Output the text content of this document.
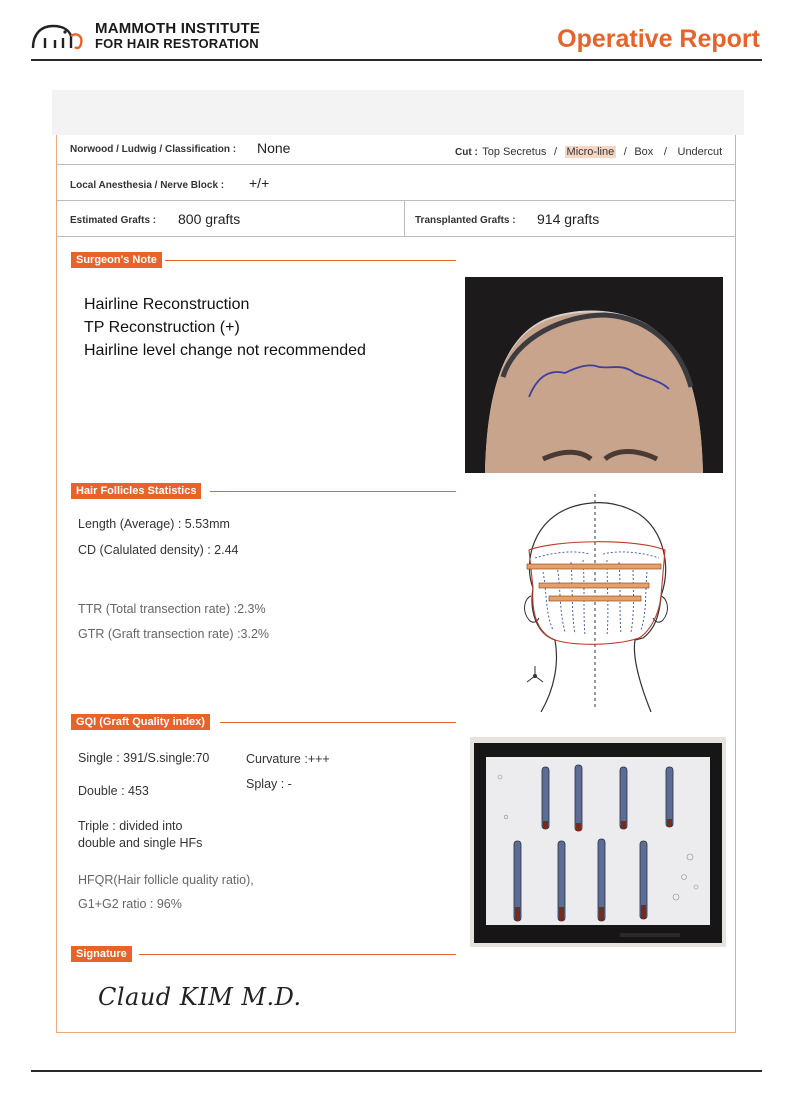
MAMMOTH INSTITUTE
FOR HAIR RESTORATION	Operative Report
Norwood / Ludwig / Classification : None	Cut : Top Secretus / Micro-line / Box / Undercut
Local Anesthesia / Nerve Block : +/+
Estimated Grafts : 800 grafts	Transplanted Grafts : 914 grafts
Surgeon's Note
Hairline Reconstruction
TP Reconstruction (+)
Hairline level change not recommended
Hair Follicles Statistics
Length (Average) : 5.53mm
CD (Calulated density) : 2.44
TTR (Total transection rate) :2.3%
GTR (Graft transection rate) :3.2%
GQI (Graft Quality index)
Single : 391/S.single:70	Curvature :+++
Splay : -
Double : 453
Triple : divided into
double and single HFs
HFQR(Hair follicle quality ratio),
G1+G2 ratio : 96%
Signature
Claud KIM M.D.
